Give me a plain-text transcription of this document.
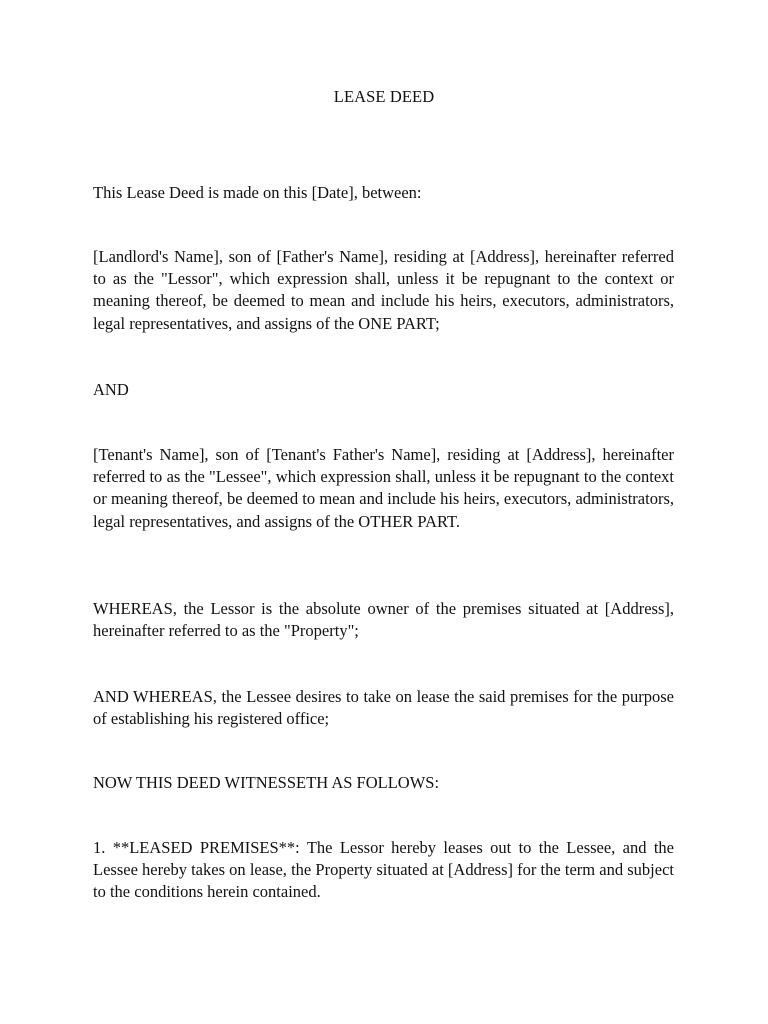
LEASE DEED

This Lease Deed is made on this [Date], between:

[Landlord's Name], son of [Father's Name], residing at [Address], hereinafter referred to as the "Lessor", which expression shall, unless it be repugnant to the context or meaning thereof, be deemed to mean and include his heirs, executors, administrators, legal representatives, and assigns of the ONE PART;

AND

[Tenant's Name], son of [Tenant's Father's Name], residing at [Address], hereinafter referred to as the "Lessee", which expression shall, unless it be repugnant to the context or meaning thereof, be deemed to mean and include his heirs, executors, administrators, legal representatives, and assigns of the OTHER PART.

WHEREAS, the Lessor is the absolute owner of the premises situated at [Address], hereinafter referred to as the "Property";

AND WHEREAS, the Lessee desires to take on lease the said premises for the purpose of establishing his registered office;

NOW THIS DEED WITNESSETH AS FOLLOWS:

1. **LEASED PREMISES**: The Lessor hereby leases out to the Lessee, and the Lessee hereby takes on lease, the Property situated at [Address] for the term and subject to the conditions herein contained.
